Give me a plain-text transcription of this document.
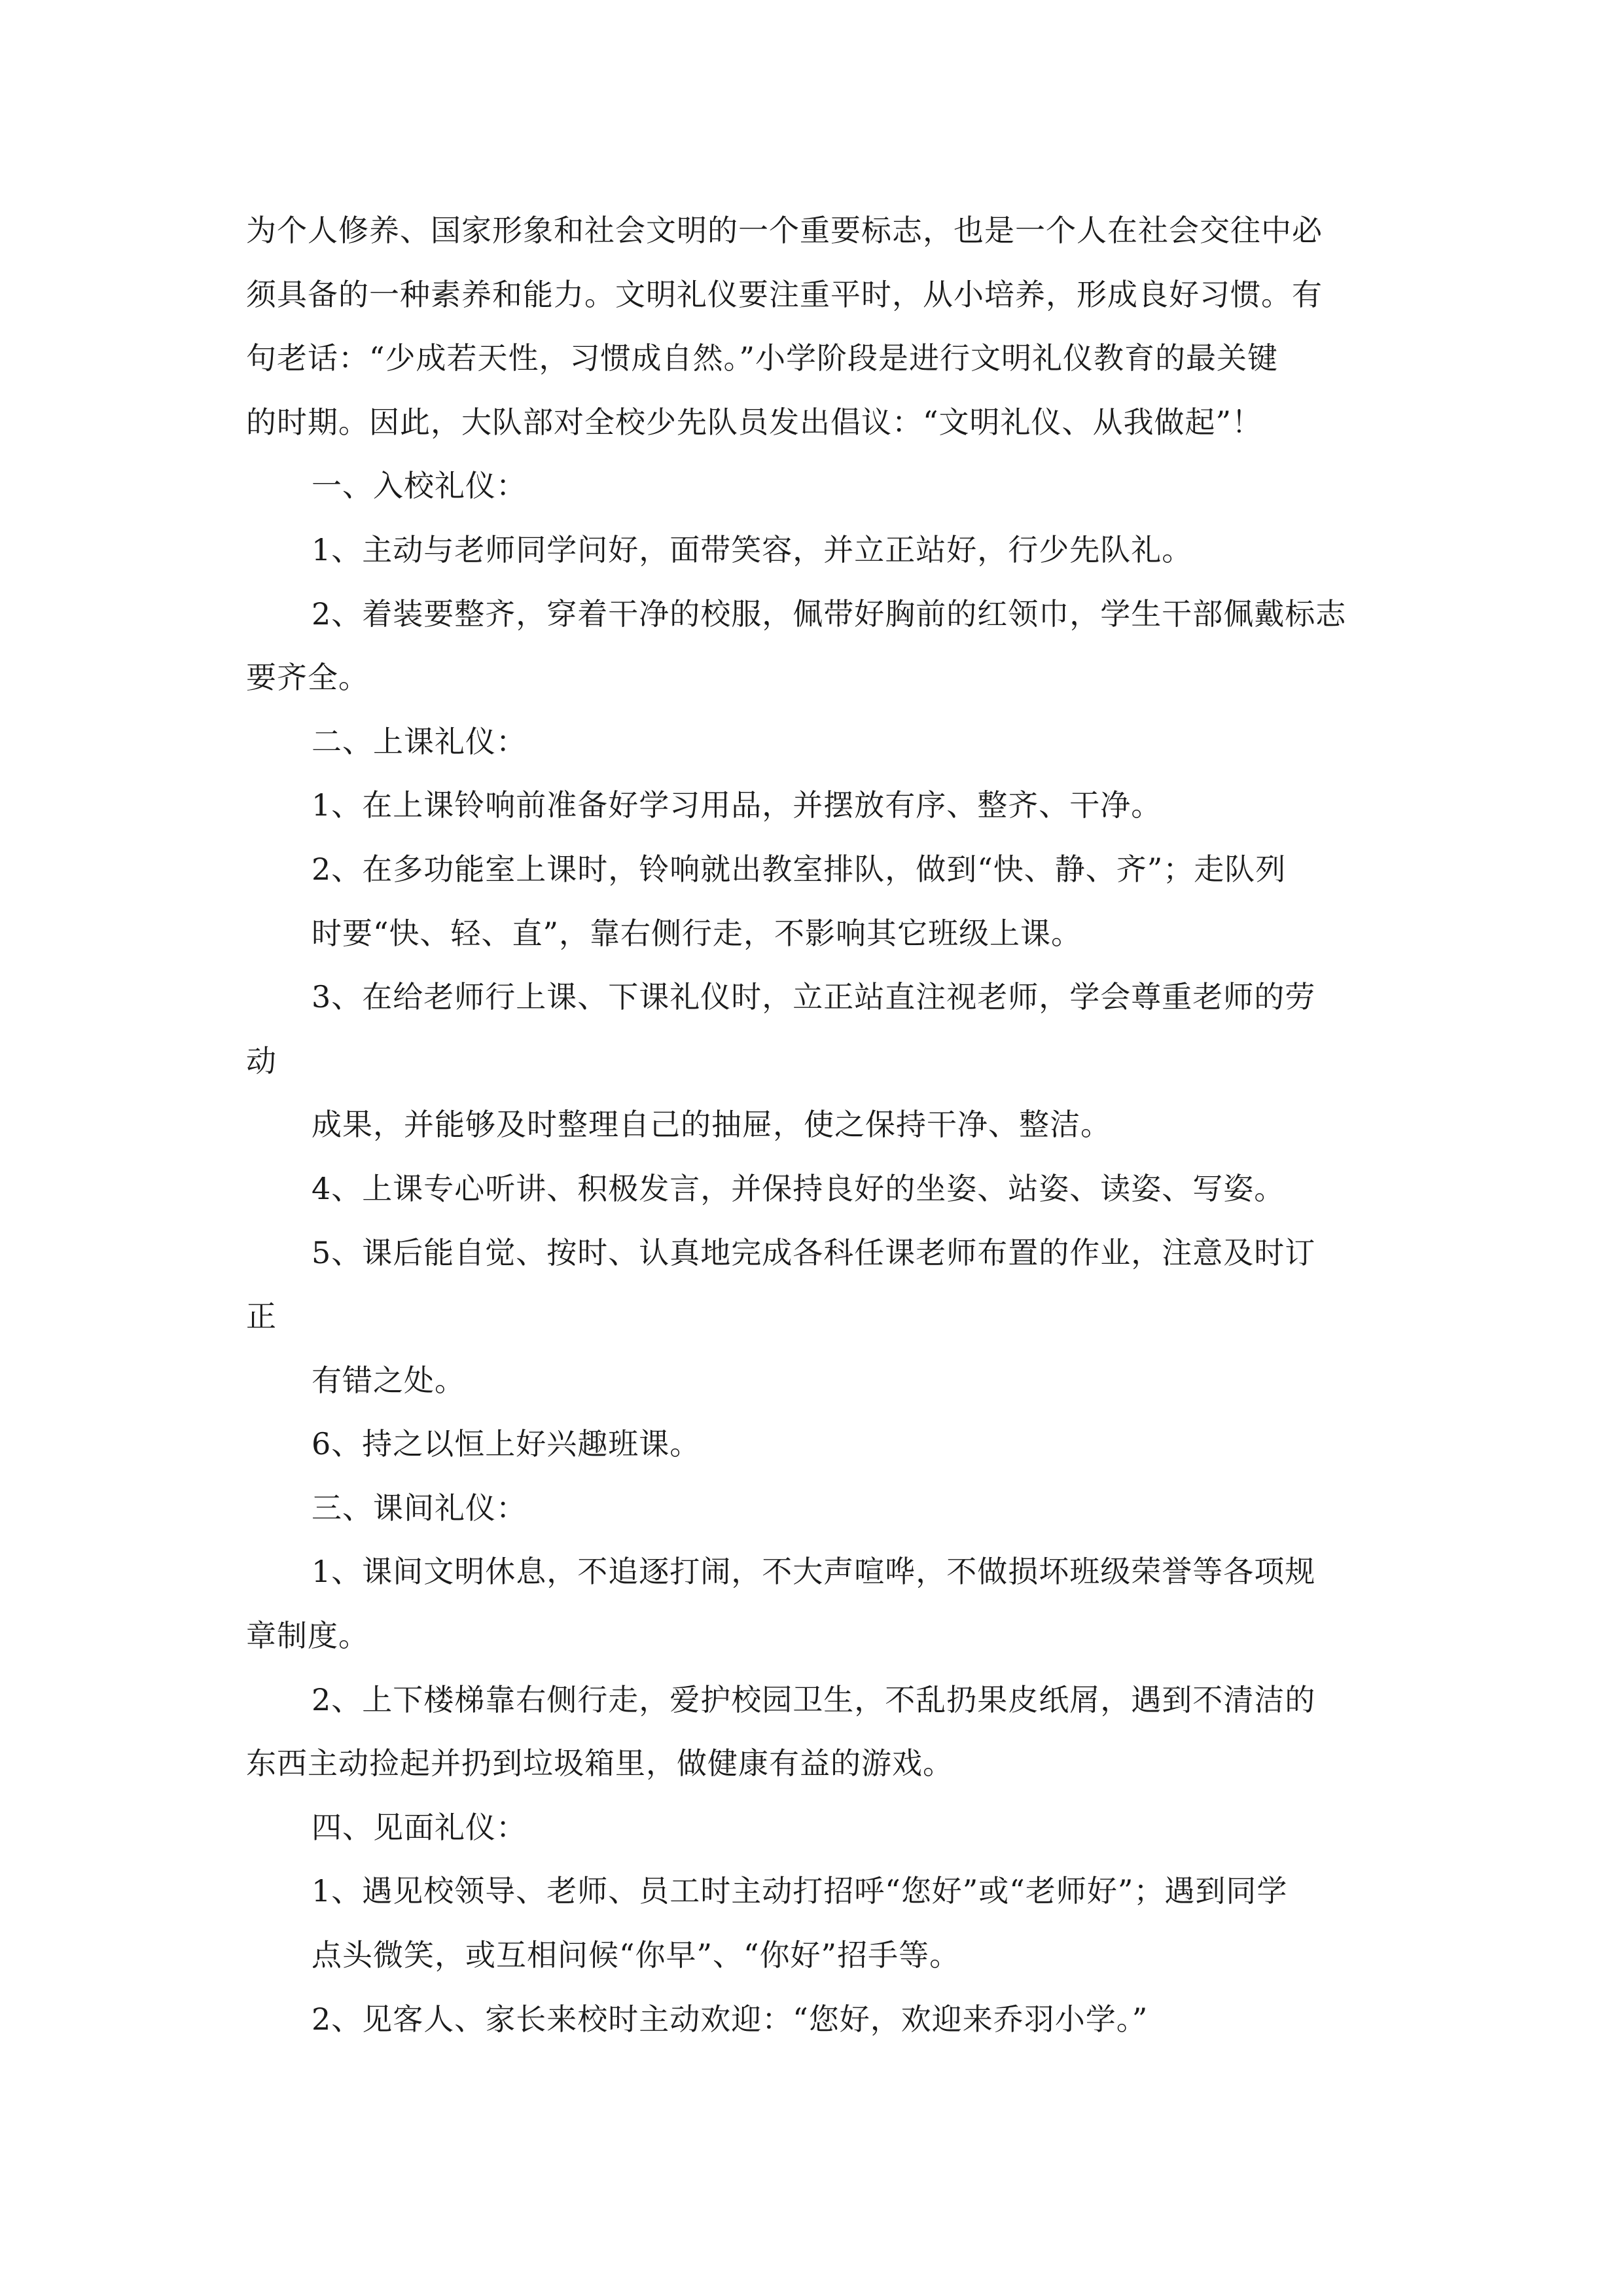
为个人修养、国家形象和社会文明的一个重要标志，也是一个人在社会交往中必
须具备的一种素养和能力。文明礼仪要注重平时，从小培养，形成良好习惯。有
句老话：“少成若天性，习惯成自然。”小学阶段是进行文明礼仪教育的最关键
的时期。因此，大队部对全校少先队员发出倡议：“文明礼仪、从我做起”！
一、入校礼仪：
1、主动与老师同学问好，面带笑容，并立正站好，行少先队礼。
2、着装要整齐，穿着干净的校服，佩带好胸前的红领巾，学生干部佩戴标志
要齐全。
二、上课礼仪：
1、在上课铃响前准备好学习用品，并摆放有序、整齐、干净。
2、在多功能室上课时，铃响就出教室排队，做到“快、静、齐”；走队列
时要“快、轻、直”，靠右侧行走，不影响其它班级上课。
3、在给老师行上课、下课礼仪时，立正站直注视老师，学会尊重老师的劳
动
成果，并能够及时整理自己的抽屉，使之保持干净、整洁。
4、上课专心听讲、积极发言，并保持良好的坐姿、站姿、读姿、写姿。
5、课后能自觉、按时、认真地完成各科任课老师布置的作业，注意及时订
正
有错之处。
6、持之以恒上好兴趣班课。
三、课间礼仪：
1、课间文明休息，不追逐打闹，不大声喧哗，不做损坏班级荣誉等各项规
章制度。
2、上下楼梯靠右侧行走，爱护校园卫生，不乱扔果皮纸屑，遇到不清洁的
东西主动捡起并扔到垃圾箱里，做健康有益的游戏。
四、见面礼仪：
1、遇见校领导、老师、员工时主动打招呼“您好”或“老师好”；遇到同学
点头微笑，或互相问候“你早”、“你好”招手等。
2、见客人、家长来校时主动欢迎：“您好，欢迎来乔羽小学。”
